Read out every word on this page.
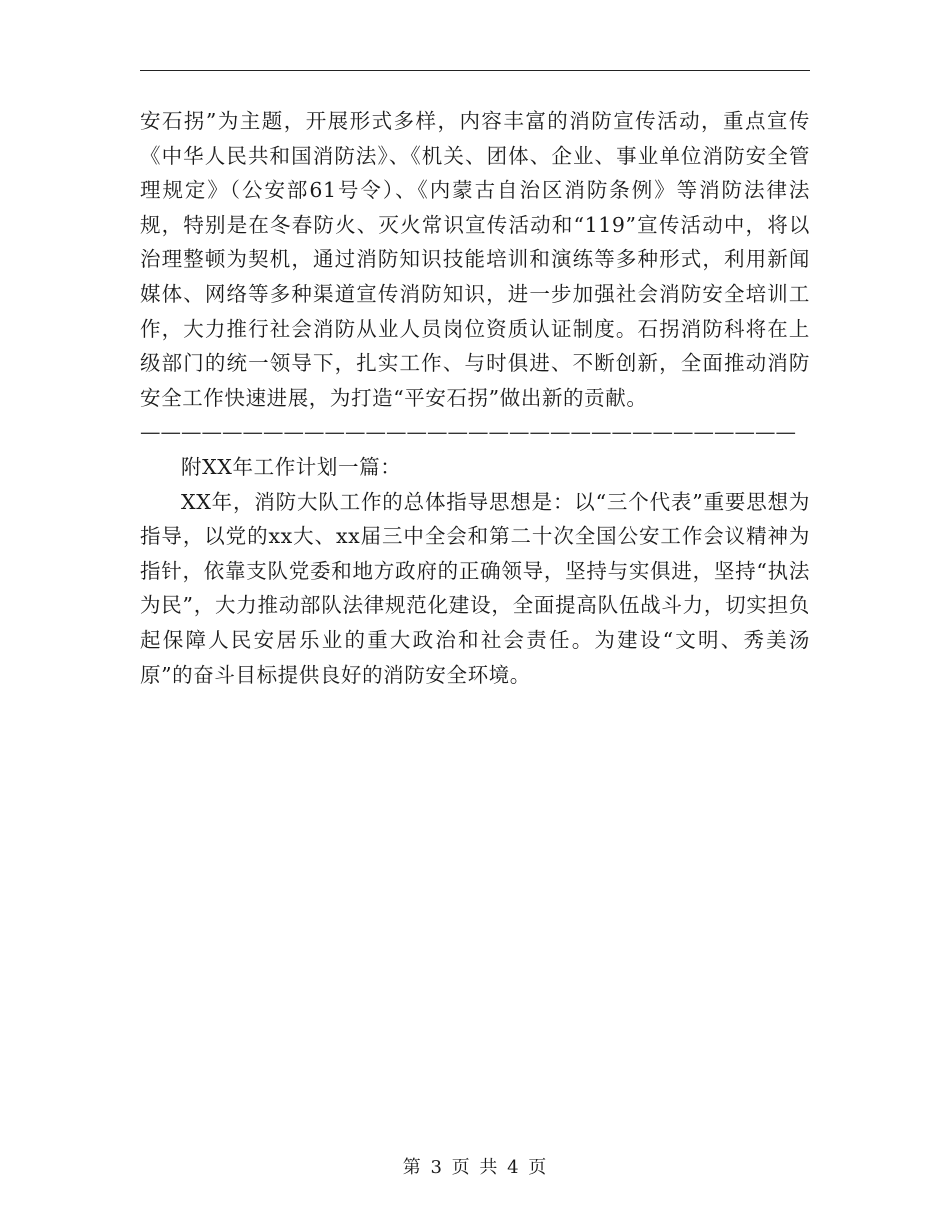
安石拐”为主题，开展形式多样，内容丰富的消防宣传活动，重点宣传《中华人民共和国消防法》、《机关、团体、企业、事业单位消防安全管理规定》（公安部61号令）、《内蒙古自治区消防条例》等消防法律法规，特别是在冬春防火、灭火常识宣传活动和“119”宣传活动中，将以治理整顿为契机，通过消防知识技能培训和演练等多种形式，利用新闻媒体、网络等多种渠道宣传消防知识，进一步加强社会消防安全培训工作，大力推行社会消防从业人员岗位资质认证制度。石拐消防科将在上级部门的统一领导下，扎实工作、与时俱进、不断创新，全面推动消防安全工作快速进展，为打造“平安石拐”做出新的贡献。

————————————————————————————————

附XX年工作计划一篇：

XX年，消防大队工作的总体指导思想是：以“三个代表”重要思想为指导，以党的xx大、xx届三中全会和第二十次全国公安工作会议精神为指针，依靠支队党委和地方政府的正确领导，坚持与实俱进，坚持“执法为民”，大力推动部队法律规范化建设，全面提高队伍战斗力，切实担负起保障人民安居乐业的重大政治和社会责任。为建设“文明、秀美汤原”的奋斗目标提供良好的消防安全环境。

第 3 页 共 4 页
